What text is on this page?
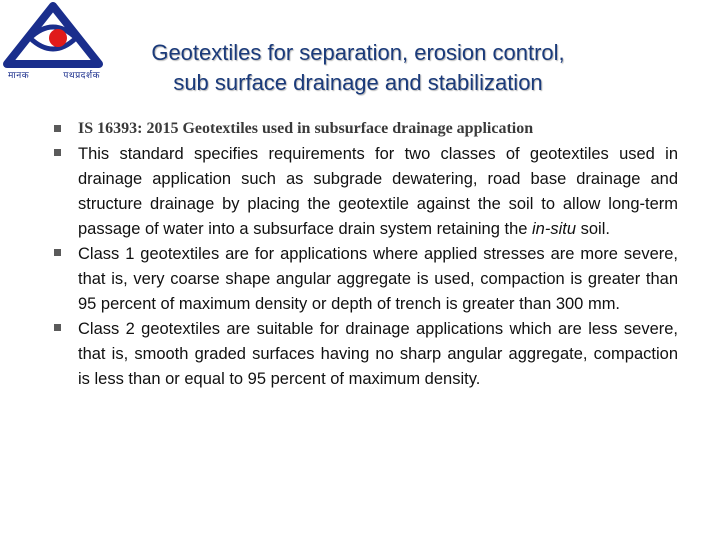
मानक	पथप्रदर्शक
Geotextiles for separation, erosion control,
sub surface drainage and stabilization
IS 16393: 2015 Geotextiles used in subsurface drainage application
This standard specifies requirements for two classes of geotextiles used in drainage application such as subgrade dewatering, road base drainage and structure drainage by placing the geotextile against the soil to allow long-term passage of water into a subsurface drain system retaining the in-situ soil.
Class 1 geotextiles are for applications where applied stresses are more severe, that is, very coarse shape angular aggregate is used, compaction is greater than 95 percent of maximum density or depth of trench is greater than 300 mm.
Class 2 geotextiles are suitable for drainage applications which are less severe, that is, smooth graded surfaces having no sharp angular aggregate, compaction is less than or equal to 95 percent of maximum density.
